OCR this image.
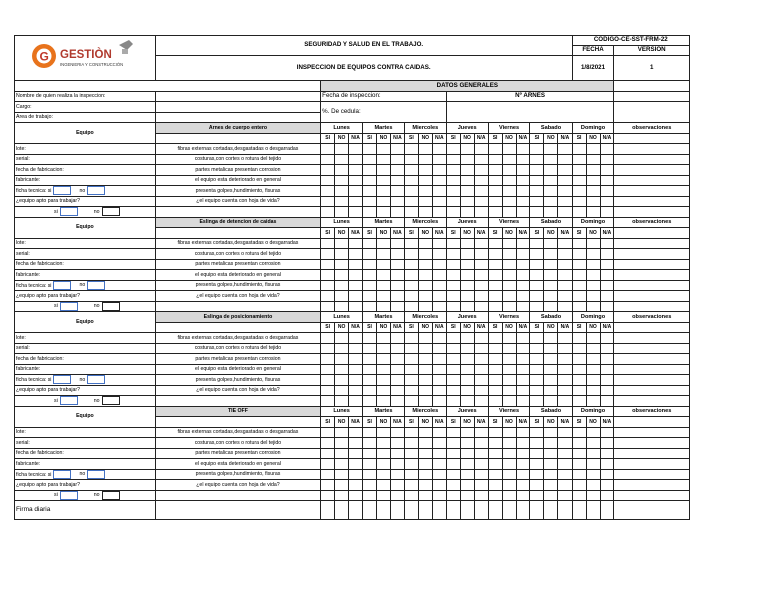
G GESTIÒN
INGENIERIA Y CONSTRUCCIÓN	SEGURIDAD Y SALUD EN EL TRABAJO.																			CÓDIGO-CE-SST-FRM-22			
																				FECHA			VERSION
	INSPECCION DE EQUIPOS CONTRA CAIDAS.																			1/8/2021			1

		DATOS GENERALES																					
Nombre de quien realiza la inspeccion:		Fecha de inspeccion:									Nº ARNES												
Cargo:		%. De cedula:																					
Area de trabajo:																							
Equipo	Arnes de cuerpo entero	Lunes			Martes			Miercoles			Jueves			Viernes			Sabado			Domingo			observaciones
		SI	NO	N/A	SI	NO	N/A	SI	NO	N/A	SI	NO	N/A	SI	NO	N/A	SI	NO	N/A	SI	NO	N/A	
lote:	fibras externas cortadas,desgastadas o desgarradas																						
serial:	costuras,con cortes o rotura del tejido																						
fecha de fabricacion:	partes metalicas presentan corrosion																						
fabricante:	el equipo esta deteriorado en general																						
ficha tecnica: si no	presenta golpes,hundimiento, fisuras																						
¿equipo apto para trabajar?	¿el equipo cuenta con hoja de vida?																						
si no																							
Equipo	Eslinga de detencion de caidas	Lunes			Martes			Miercoles			Jueves			Viernes			Sabado			Domingo			observaciones
		SI	NO	N/A	SI	NO	N/A	SI	NO	N/A	SI	NO	N/A	SI	NO	N/A	SI	NO	N/A	SI	NO	N/A	
lote:	fibras externas cortadas,desgastadas o desgarradas																						
serial:	costuras,con cortes o rotura del tejido																						
fecha de fabricacion:	partes metalicas presentan corrosion																						
fabricante:	el equipo esta deteriorado en general																						
ficha tecnica: si no	presenta golpes,hundimiento, fisuras																						
¿equipo apto para trabajar?	¿el equipo cuenta con hoja de vida?																						
si no																							
Equipo	Eslinga de posicionamiento	Lunes			Martes			Miercoles			Jueves			Viernes			Sabado			Domingo			observaciones
		SI	NO	N/A	SI	NO	N/A	SI	NO	N/A	SI	NO	N/A	SI	NO	N/A	SI	NO	N/A	SI	NO	N/A	
lote:	fibras externas cortadas,desgastadas o desgarradas																						
serial:	costuras,con cortes o rotura del tejido																						
fecha de fabricacion:	partes metalicas presentan corrosion																						
fabricante:	el equipo esta deteriorado en general																						
ficha tecnica: si no	presenta golpes,hundimiento, fisuras																						
¿equipo apto para trabajar?	¿el equipo cuenta con hoja de vida?																						
si no																							
Equipo	TIE OFF	Lunes			Martes			Miercoles			Jueves			Viernes			Sabado			Domingo			observaciones
		SI	NO	N/A	SI	NO	N/A	SI	NO	N/A	SI	NO	N/A	SI	NO	N/A	SI	NO	N/A	SI	NO	N/A	
lote:	fibras externas cortadas,desgastadas o desgarradas																						
serial:	costuras,con cortes o rotura del tejido																						
fecha de fabricacion:	partes metalicas presentan corrosion																						
fabricante:	el equipo esta deteriorado en general																						
ficha tecnica: si no	presenta golpes,hundimiento, fisuras																						
¿equipo apto para trabajar?	¿el equipo cuenta con hoja de vida?																						
si no																							
Firma diaria																							
